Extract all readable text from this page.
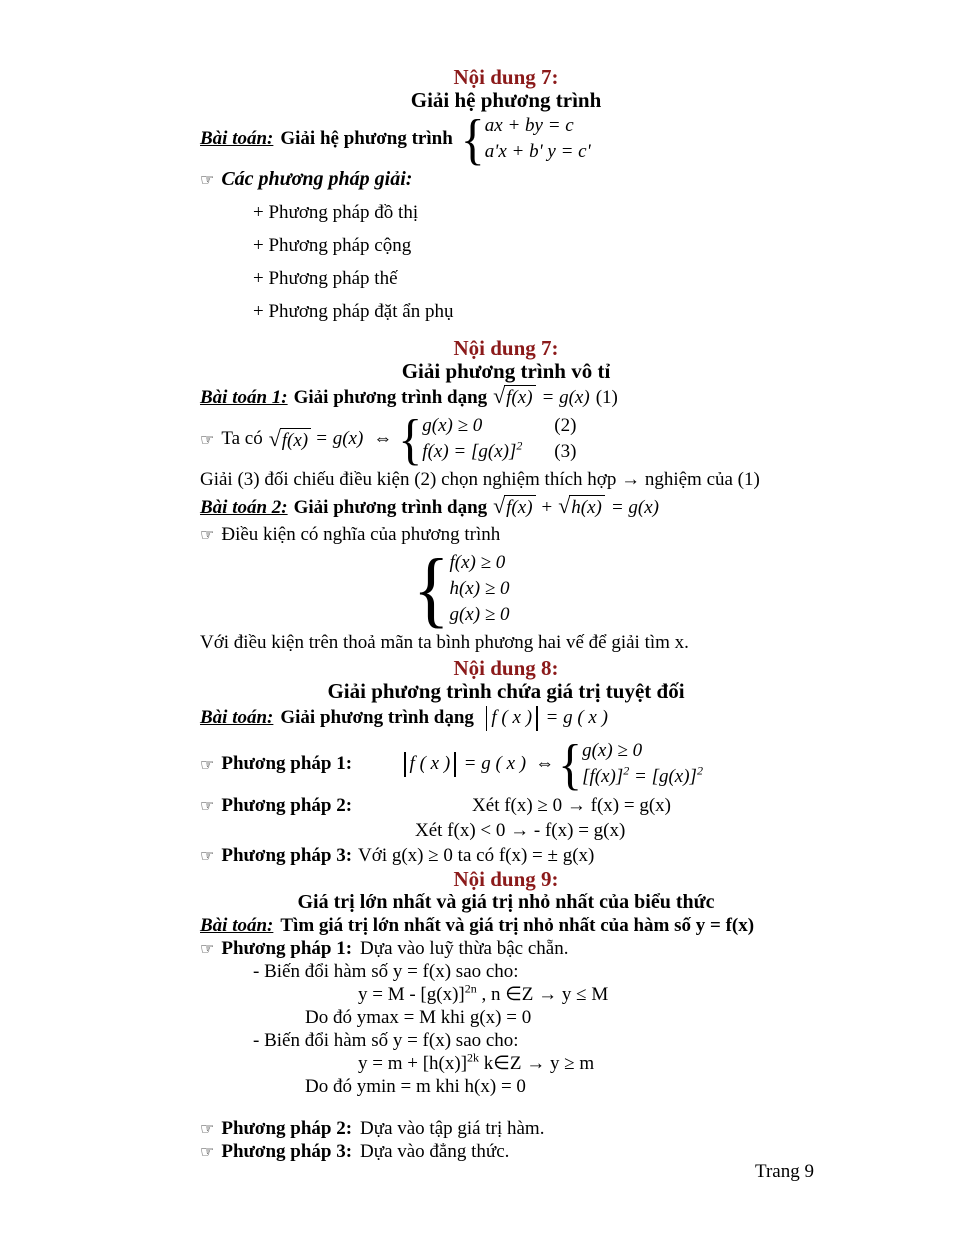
Nội dung 7:
Giải hệ phương trình
Bài toán: Giải hệ phương trình { ax + by = c
a'x + b' y = c'
☞ Các phương pháp giải:
+ Phương pháp đồ thị
+ Phương pháp cộng
+ Phương pháp thế
+ Phương pháp đặt ẩn phụ
Nội dung 7:
Giải phương trình vô tỉ
Bài toán 1: Giải phương trình dạng √f(x) = g(x) (1)
☞ Ta có √f(x) = g(x) ⇔ { g(x) ≥ 0
$f(x) = [g(x)]^2$
(2)
(3)
Giải (3) đối chiếu điều kiện (2) chọn nghiệm thích hợp → nghiệm của (1)
Bài toán 2: Giải phương trình dạng √f(x) + √h(x) = g(x)
☞ Điều kiện có nghĩa của phương trình
{ f(x) ≥ 0
h(x) ≥ 0
g(x) ≥ 0
Với điều kiện trên thoả mãn ta bình phương hai vế để giải tìm x.
Nội dung 8:
Giải phương trình chứa giá trị tuyệt đối
Bài toán: Giải phương trình dạng f ( x ) = g ( x )
☞ Phương pháp 1:	f ( x ) = g ( x ) ⇔ { g(x) ≥ 0
$[f(x)]^2 = [g(x)]^2$
☞ Phương pháp 2:	Xét f(x) ≥ 0 → f(x) = g(x)
Xét f(x) < 0 → - f(x) = g(x)
☞ Phương pháp 3: Với g(x) ≥ 0 ta có f(x) = ± g(x)
Nội dung 9:
Giá trị lớn nhất và giá trị nhỏ nhất của biểu thức
Bài toán: Tìm giá trị lớn nhất và giá trị nhỏ nhất của hàm số y = f(x)
☞ Phương pháp 1: Dựa vào luỹ thừa bậc chẵn.
- Biến đổi hàm số y = f(x) sao cho:
$y = M - [g(x)]^{2n}$ , n ∈Z → y ≤ M
Do đó ymax = M khi g(x) = 0
- Biến đổi hàm số y = f(x) sao cho:
$y = m + [h(x)]^{2k}$ k∈Z → y ≥ m
Do đó ymin = m khi h(x) = 0
☞ Phương pháp 2: Dựa vào tập giá trị hàm.
☞ Phương pháp 3: Dựa vào đẳng thức.
Trang 9
